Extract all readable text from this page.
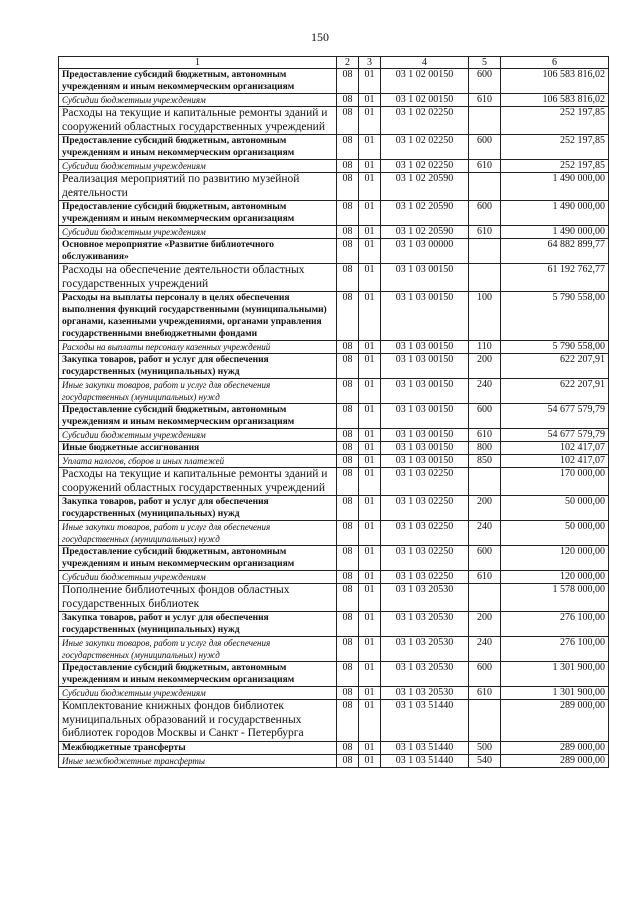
150
1	2	3	4	5	6
Предоставление субсидий бюджетным, автономным учреждениям и иным некоммерческим организациям	08	01	03 1 02 00150	600	106 583 816,02
Субсидии бюджетным учреждениям	08	01	03 1 02 00150	610	106 583 816,02
Расходы на текущие и капитальные ремонты зданий и сооружений областных государственных учреждений	08	01	03 1 02 02250		252 197,85
Предоставление субсидий бюджетным, автономным учреждениям и иным некоммерческим организациям	08	01	03 1 02 02250	600	252 197,85
Субсидии бюджетным учреждениям	08	01	03 1 02 02250	610	252 197,85
Реализация мероприятий по развитию музейной деятельности	08	01	03 1 02 20590		1 490 000,00
Предоставление субсидий бюджетным, автономным учреждениям и иным некоммерческим организациям	08	01	03 1 02 20590	600	1 490 000,00
Субсидии бюджетным учреждениям	08	01	03 1 02 20590	610	1 490 000,00
Основное мероприятие «Развитие библиотечного обслуживания»	08	01	03 1 03 00000		64 882 899,77
Расходы на обеспечение деятельности областных государственных учреждений	08	01	03 1 03 00150		61 192 762,77
Расходы на выплаты персоналу в целях обеспечения выполнения функций государственными (муниципальными) органами, казенными учреждениями, органами управления государственными внебюджетными фондами	08	01	03 1 03 00150	100	5 790 558,00
Расходы на выплаты персоналу казенных учреждений	08	01	03 1 03 00150	110	5 790 558,00
Закупка товаров, работ и услуг для обеспечения государственных (муниципальных) нужд	08	01	03 1 03 00150	200	622 207,91
Иные закупки товаров, работ и услуг для обеспечения государственных (муниципальных) нужд	08	01	03 1 03 00150	240	622 207,91
Предоставление субсидий бюджетным, автономным учреждениям и иным некоммерческим организациям	08	01	03 1 03 00150	600	54 677 579,79
Субсидии бюджетным учреждениям	08	01	03 1 03 00150	610	54 677 579,79
Иные бюджетные ассигнования	08	01	03 1 03 00150	800	102 417,07
Уплата налогов, сборов и иных платежей	08	01	03 1 03 00150	850	102 417,07
Расходы на текущие и капитальные ремонты зданий и сооружений областных государственных учреждений	08	01	03 1 03 02250		170 000,00
Закупка товаров, работ и услуг для обеспечения государственных (муниципальных) нужд	08	01	03 1 03 02250	200	50 000,00
Иные закупки товаров, работ и услуг для обеспечения государственных (муниципальных) нужд	08	01	03 1 03 02250	240	50 000,00
Предоставление субсидий бюджетным, автономным учреждениям и иным некоммерческим организациям	08	01	03 1 03 02250	600	120 000,00
Субсидии бюджетным учреждениям	08	01	03 1 03 02250	610	120 000,00
Пополнение библиотечных фондов областных государственных библиотек	08	01	03 1 03 20530		1 578 000,00
Закупка товаров, работ и услуг для обеспечения государственных (муниципальных) нужд	08	01	03 1 03 20530	200	276 100,00
Иные закупки товаров, работ и услуг для обеспечения государственных (муниципальных) нужд	08	01	03 1 03 20530	240	276 100,00
Предоставление субсидий бюджетным, автономным учреждениям и иным некоммерческим организациям	08	01	03 1 03 20530	600	1 301 900,00
Субсидии бюджетным учреждениям	08	01	03 1 03 20530	610	1 301 900,00
Комплектование книжных фондов библиотек муниципальных образований и государственных библиотек городов Москвы и Санкт - Петербурга	08	01	03 1 03 51440		289 000,00
Межбюджетные трансферты	08	01	03 1 03 51440	500	289 000,00
Иные межбюджетные трансферты	08	01	03 1 03 51440	540	289 000,00
